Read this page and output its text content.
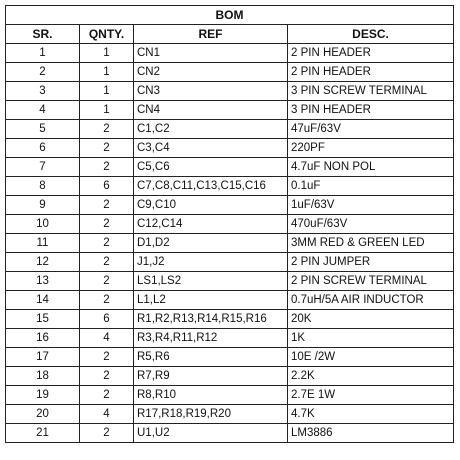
BOM			
SR.	QNTY.	REF	DESC.
1	1	CN1	2 PIN HEADER
2	1	CN2	2 PIN HEADER
3	1	CN3	3 PIN SCREW TERMINAL
4	1	CN4	3 PIN HEADER
5	2	C1,C2	47uF/63V
6	2	C3,C4	220PF
7	2	C5,C6	4.7uF NON POL
8	6	C7,C8,C11,C13,C15,C16	0.1uF
9	2	C9,C10	1uF/63V
10	2	C12,C14	470uF/63V
11	2	D1,D2	3MM RED & GREEN LED
12	2	J1,J2	2 PIN JUMPER
13	2	LS1,LS2	2 PIN SCREW TERMINAL
14	2	L1,L2	0.7uH/5A AIR INDUCTOR
15	6	R1,R2,R13,R14,R15,R16	20K
16	4	R3,R4,R11,R12	1K
17	2	R5,R6	10E /2W
18	2	R7,R9	2.2K
19	2	R8,R10	2.7E 1W
20	4	R17,R18,R19,R20	4.7K
21	2	U1,U2	LM3886
